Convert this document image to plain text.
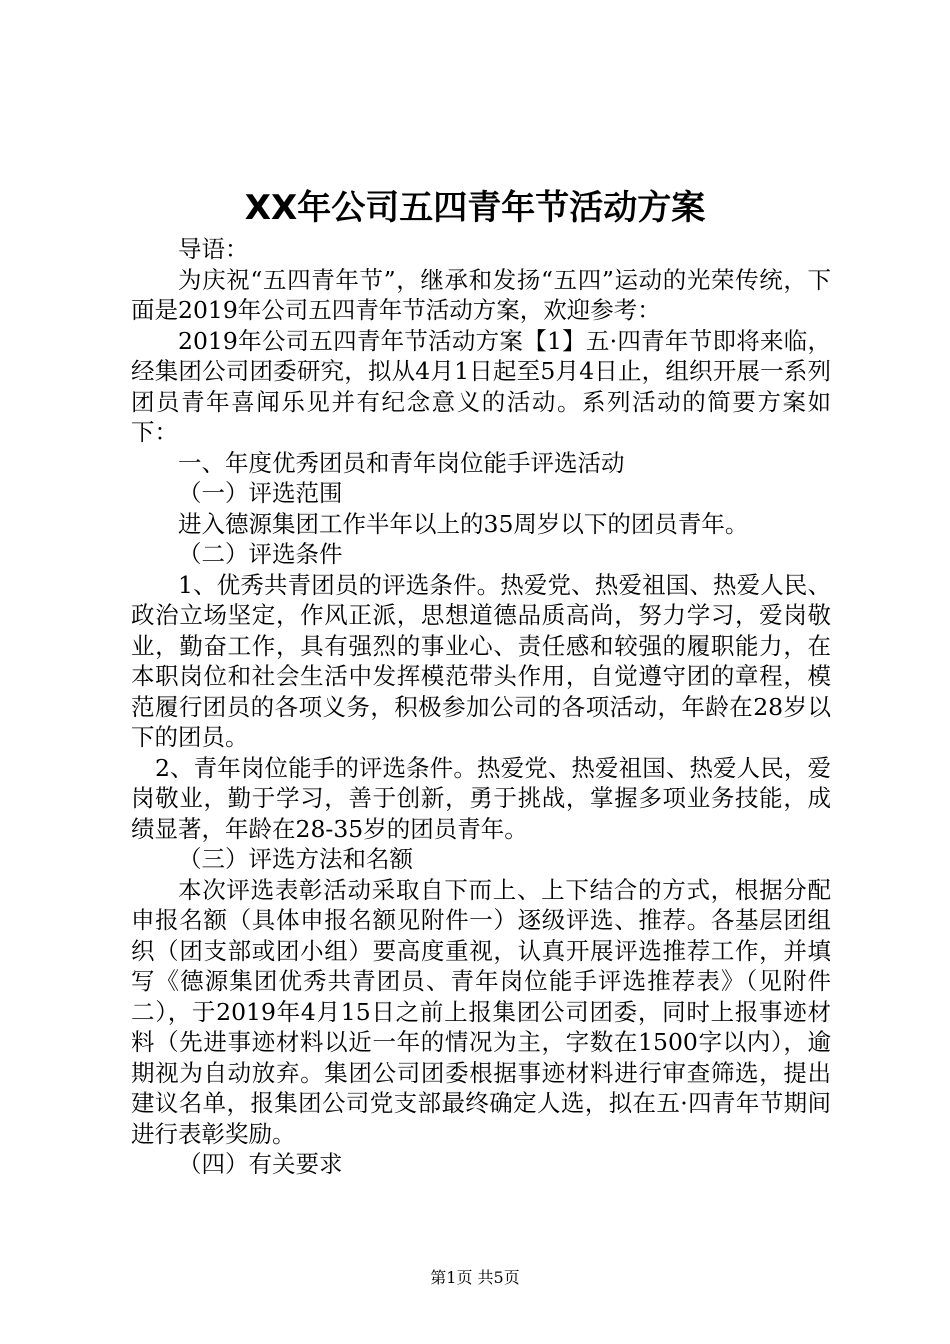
XX年公司五四青年节活动方案

导语：

为庆祝“五四青年节”，继承和发扬“五四”运动的光荣传统，下面是2019年公司五四青年节活动方案，欢迎参考：

2019年公司五四青年节活动方案【1】五·四青年节即将来临，经集团公司团委研究，拟从4月1日起至5月4日止，组织开展一系列团员青年喜闻乐见并有纪念意义的活动。系列活动的简要方案如下：

一、年度优秀团员和青年岗位能手评选活动

（一）评选范围

进入德源集团工作半年以上的35周岁以下的团员青年。

（二）评选条件

1、优秀共青团员的评选条件。热爱党、热爱祖国、热爱人民、政治立场坚定，作风正派，思想道德品质高尚，努力学习，爱岗敬业，勤奋工作，具有强烈的事业心、责任感和较强的履职能力，在本职岗位和社会生活中发挥模范带头作用，自觉遵守团的章程，模范履行团员的各项义务，积极参加公司的各项活动，年龄在28岁以下的团员。

2、青年岗位能手的评选条件。热爱党、热爱祖国、热爱人民，爱岗敬业，勤于学习，善于创新，勇于挑战，掌握多项业务技能，成绩显著，年龄在28-35岁的团员青年。

（三）评选方法和名额

本次评选表彰活动采取自下而上、上下结合的方式，根据分配申报名额（具体申报名额见附件一）逐级评选、推荐。各基层团组织（团支部或团小组）要高度重视，认真开展评选推荐工作，并填写《德源集团优秀共青团员、青年岗位能手评选推荐表》（见附件二），于2019年4月15日之前上报集团公司团委，同时上报事迹材料（先进事迹材料以近一年的情况为主，字数在1500字以内），逾期视为自动放弃。集团公司团委根据事迹材料进行审查筛选，提出建议名单，报集团公司党支部最终确定人选，拟在五·四青年节期间进行表彰奖励。

（四）有关要求

第1页 共5页
